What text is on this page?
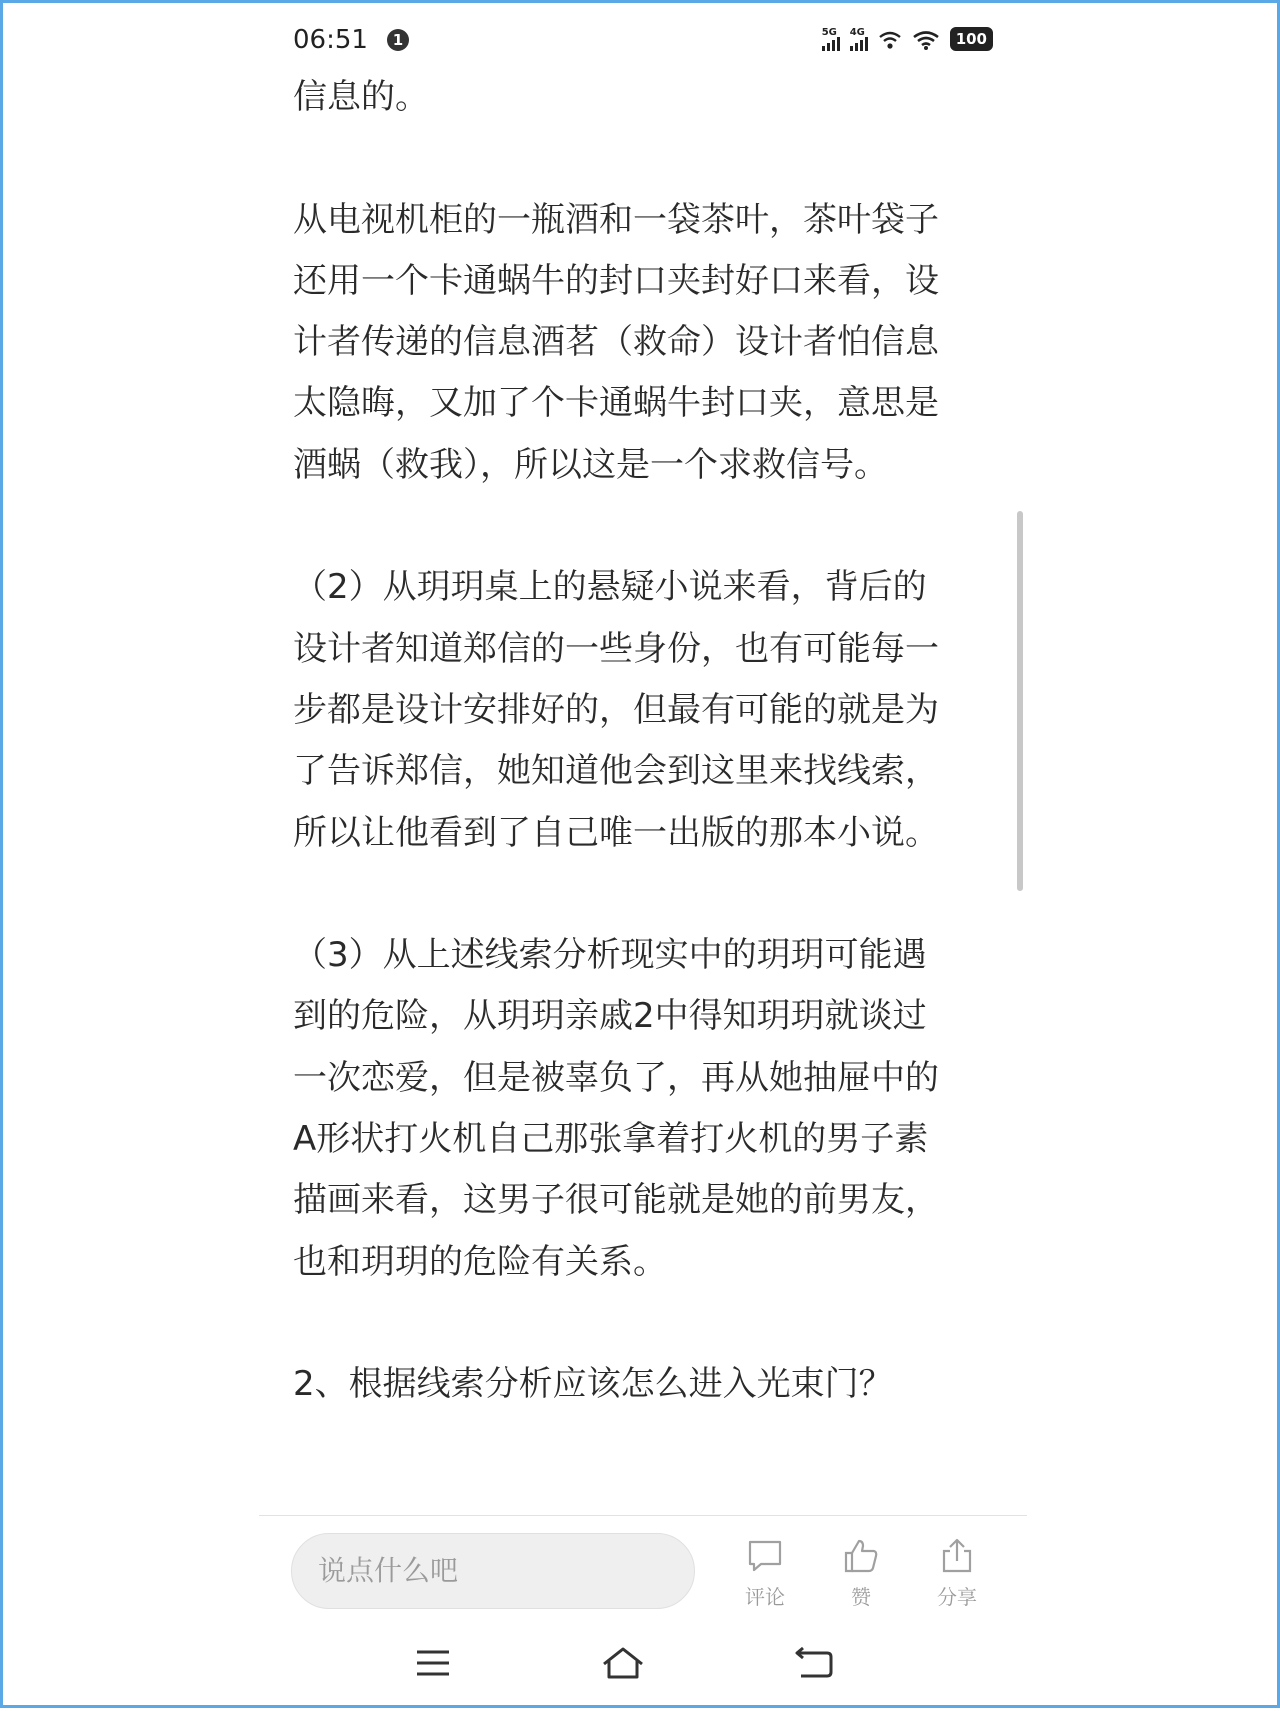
06:51	1	5G 4G	100

信息的。

从电视机柜的一瓶酒和一袋茶叶，茶叶袋子还用一个卡通蜗牛的封口夹封好口来看，设计者传递的信息酒茗（救命）设计者怕信息太隐晦，又加了个卡通蜗牛封口夹，意思是酒蜗（救我），所以这是一个求救信号。

（2）从玥玥桌上的悬疑小说来看，背后的设计者知道郑信的一些身份，也有可能每一步都是设计安排好的，但最有可能的就是为了告诉郑信，她知道他会到这里来找线索，所以让他看到了自己唯一出版的那本小说。

（3）从上述线索分析现实中的玥玥可能遇到的危险，从玥玥亲戚2中得知玥玥就谈过一次恋爱，但是被辜负了，再从她抽屉中的A形状打火机自己那张拿着打火机的男子素描画来看，这男子很可能就是她的前男友，也和玥玥的危险有关系。

2、根据线索分析应该怎么进入光束门？

说点什么吧
评论	赞	分享
